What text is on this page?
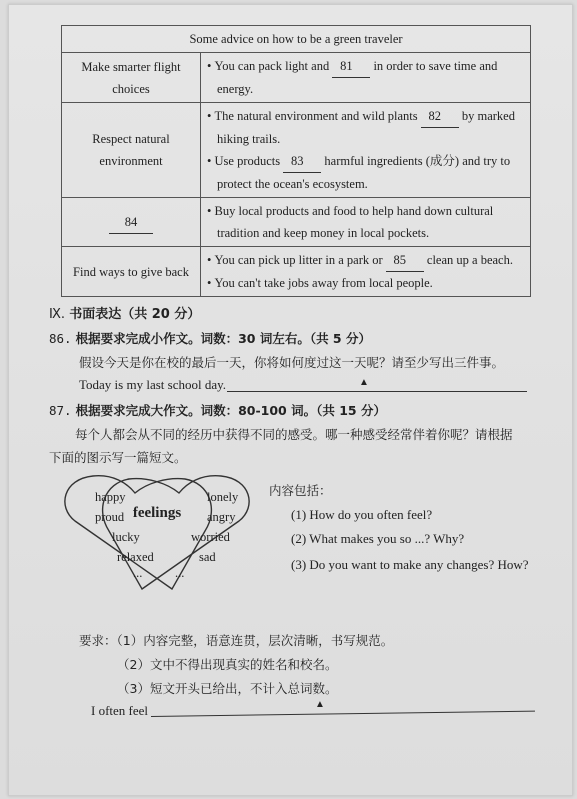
Some advice on how to be a green traveler	
Make smarter flight choices	• You can pack light and 81 in order to save time and energy.

Respect natural environment	• The natural environment and wild plants 82 by marked hiking trails.
• Use products 83 harmful ingredients (成分) and try to protect the ocean's ecosystem.

84	• Buy local products and food to help hand down cultural tradition and keep money in local pockets.

Find ways to give back	• You can pick up litter in a park or 85 clean up a beach.
• You can't take jobs away from local people.
Ⅸ. 书面表达（共 20 分）
86. 根据要求完成小作文。词数：30 词左右。（共 5 分）
假设今天是你在校的最后一天，你将如何度过这一天呢？请至少写出三件事。
Today is my last school day.	▲
87. 根据要求完成大作文。词数：80-100 词。（共 15 分）
每个人都会从不同的经历中获得不同的感受。哪一种感受经常伴着你呢？请根据
下面的图示写一篇短文。
feelings
happy
proud
lucky
relaxed
...
lonely
angry
worried
sad
...
内容包括：
(1) How do you often feel?
(2) What makes you so ...? Why?
(3) Do you want to make any changes? How?
要求：（1）内容完整，语意连贯，层次清晰，书写规范。
（2）文中不得出现真实的姓名和校名。
（3）短文开头已给出，不计入总词数。
I often feel	▲
